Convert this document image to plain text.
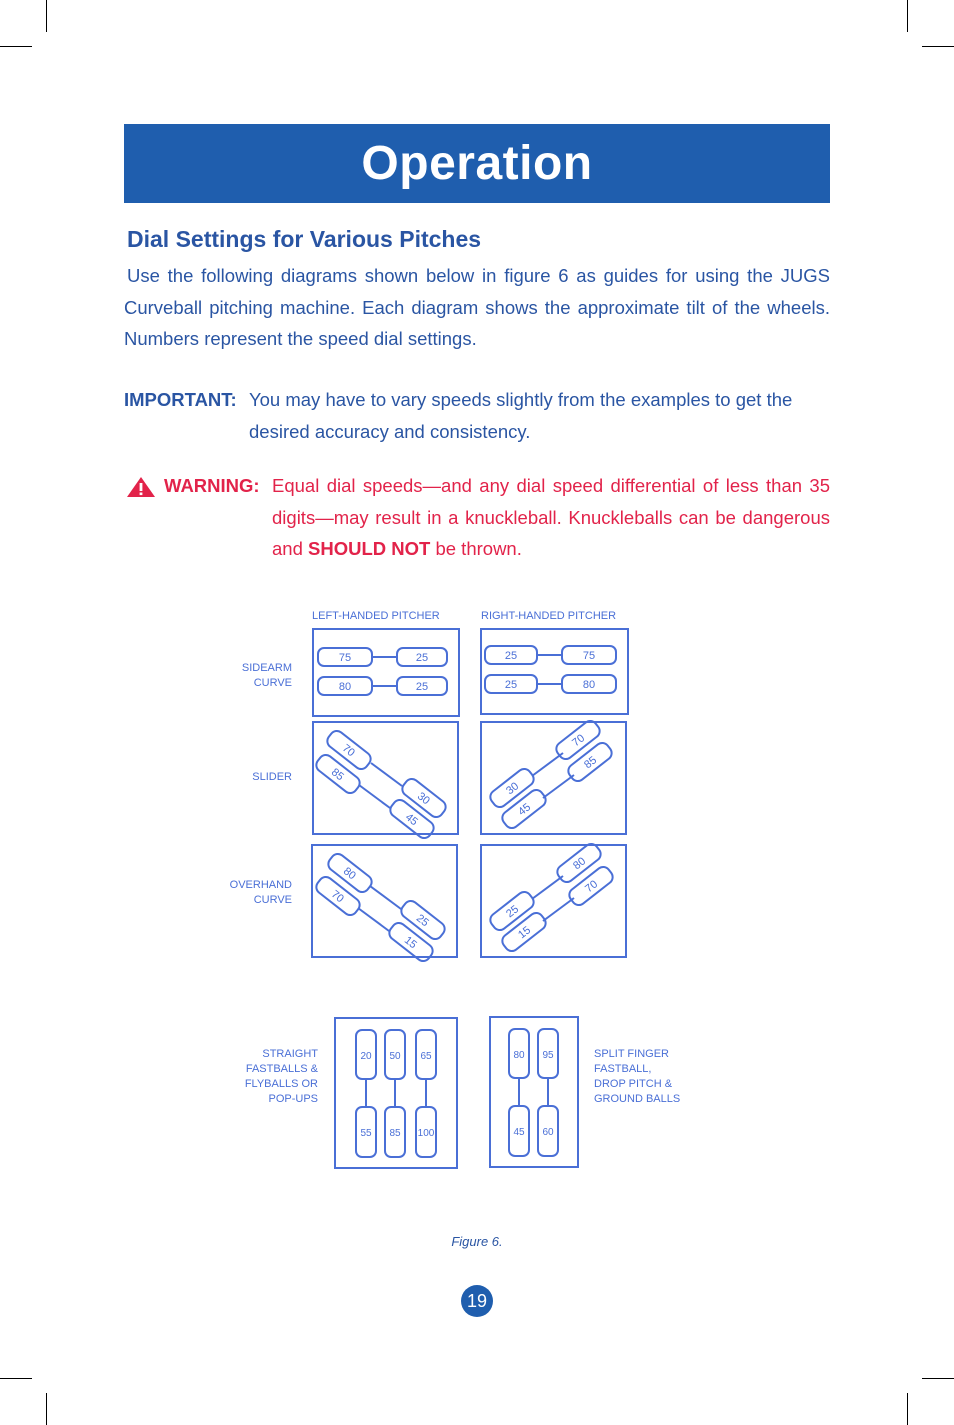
Operation
Dial Settings for Various Pitches

Use the following diagrams shown below in figure 6 as guides for using the JUGS Curveball pitching machine. Each diagram shows the approximate tilt of the wheels. Numbers represent the speed dial settings.

IMPORTANT: You may have to vary speeds slightly from the examples to get the desired accuracy and consistency.
WARNING: Equal dial speeds—and any dial speed differential of less than 35 digits—may result in a knuckleball. Knuckleballs can be dangerous and SHOULD NOT be thrown.
LEFT-HANDED PITCHER	RIGHT-HANDED PITCHER
SIDEARM
CURVE
SLIDER
OVERHAND
CURVE
STRAIGHT
FASTBALLS &
FLYBALLS OR
POP-UPS
SPLIT FINGER
FASTBALL,
DROP PITCH &
GROUND BALLS
75	25
80	25
25	75
25	80
70
30
85
45
70
30
85
45
80
25
70
15
80
25
70
15
20
55
50
85
65
100
80
45
95
60
Figure 6.
19
